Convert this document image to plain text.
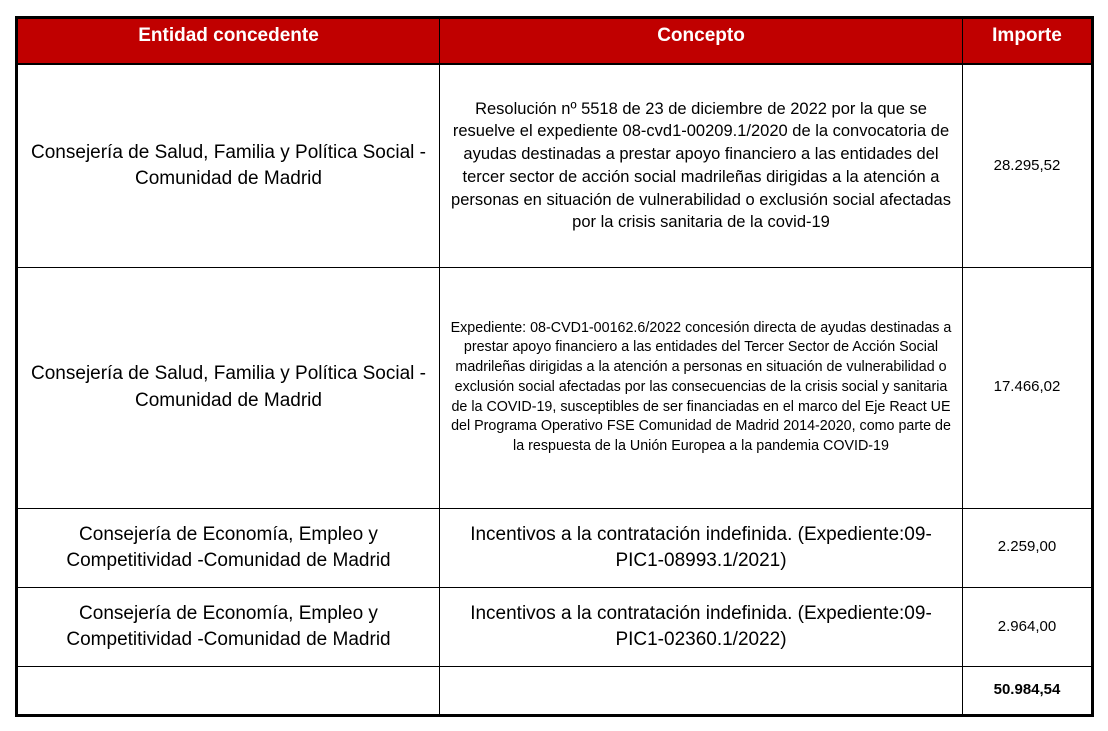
Entidad concedente	Concepto	Importe
Consejería de Salud, Familia y Política Social - Comunidad de Madrid	Resolución nº 5518 de 23 de diciembre de 2022 por la que se resuelve el expediente 08-cvd1-00209.1/2020 de la convocatoria de ayudas destinadas a prestar apoyo financiero a las entidades del tercer sector de acción social madrileñas dirigidas a la atención a personas en situación de vulnerabilidad o exclusión social afectadas por la crisis sanitaria de la covid-19	28.295,52
Consejería de Salud, Familia y Política Social - Comunidad de Madrid	Expediente: 08-CVD1-00162.6/2022 concesión directa de ayudas destinadas a prestar apoyo financiero a las entidades del Tercer Sector de Acción Social madrileñas dirigidas a la atención a personas en situación de vulnerabilidad o exclusión social afectadas por las consecuencias de la crisis social y sanitaria de la COVID-19, susceptibles de ser financiadas en el marco del Eje React UE del Programa Operativo FSE Comunidad de Madrid 2014-2020, como parte de la respuesta de la Unión Europea a la pandemia COVID-19	17.466,02
Consejería de Economía, Empleo y Competitividad -Comunidad de Madrid	Incentivos a la contratación indefinida. (Expediente:09-PIC1-08993.1/2021)	2.259,00
Consejería de Economía, Empleo y Competitividad -Comunidad de Madrid	Incentivos a la contratación indefinida. (Expediente:09-PIC1-02360.1/2022)	2.964,00
		50.984,54
